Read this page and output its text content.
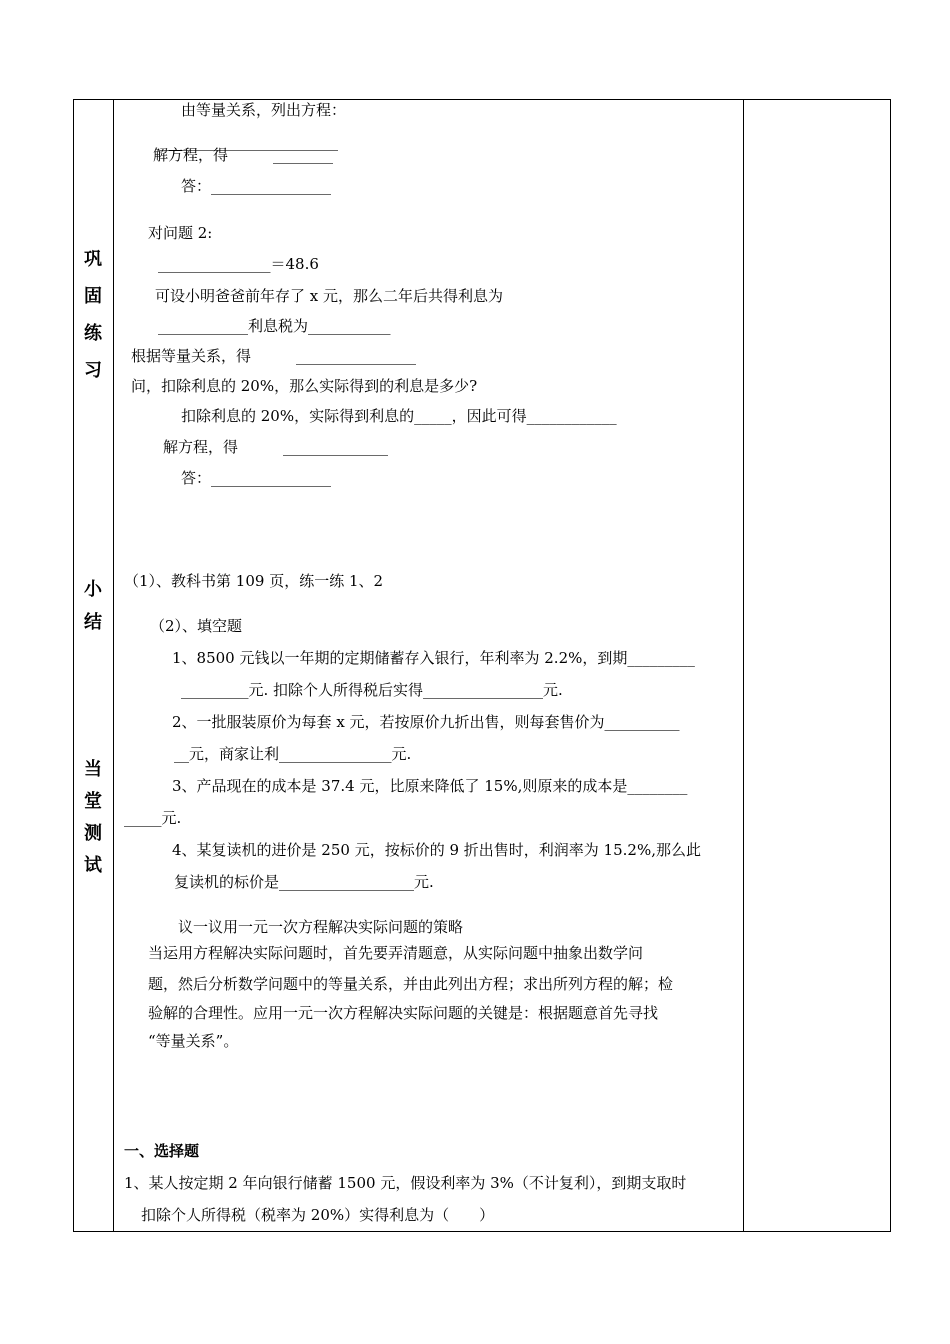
巩
固
练
习
小
结
当
堂
测
试
由等量关系，列出方程：
________________________
解方程，得　　　________
答：________________
对问题 2:
_______________＝48.6
可设小明爸爸前年存了 x 元，那么二年后共得利息为
____________利息税为___________
根据等量关系，得　　　________________
问，扣除利息的 20%，那么实际得到的利息是多少?
扣除利息的 20%，实际得到利息的_____，因此可得____________
解方程，得　　　______________
答：________________
（1）、教科书第 109 页，练一练 1、2
（2）、填空题
1、8500 元钱以一年期的定期储蓄存入银行，年利率为 2.2%，到期_________
_________元. 扣除个人所得税后实得________________元.
2、一批服装原价为每套 x 元，若按原价九折出售，则每套售价为__________
__元，商家让利_______________元.
3、产品现在的成本是 37.4 元，比原来降低了 15%,则原来的成本是________
_____元.
4、某复读机的进价是 250 元，按标价的 9 折出售时，利润率为 15.2%,那么此
复读机的标价是__________________元.
议一议用一元一次方程解决实际问题的策略
当运用方程解决实际问题时，首先要弄清题意，从实际问题中抽象出数学问
题，然后分析数学问题中的等量关系，并由此列出方程；求出所列方程的解；检
验解的合理性。应用一元一次方程解决实际问题的关键是：根据题意首先寻找
“等量关系”。
一、选择题
1、某人按定期 2 年向银行储蓄 1500 元，假设利率为 3%（不计复利），到期支取时
扣除个人所得税（税率为 20%）实得利息为（　　）
